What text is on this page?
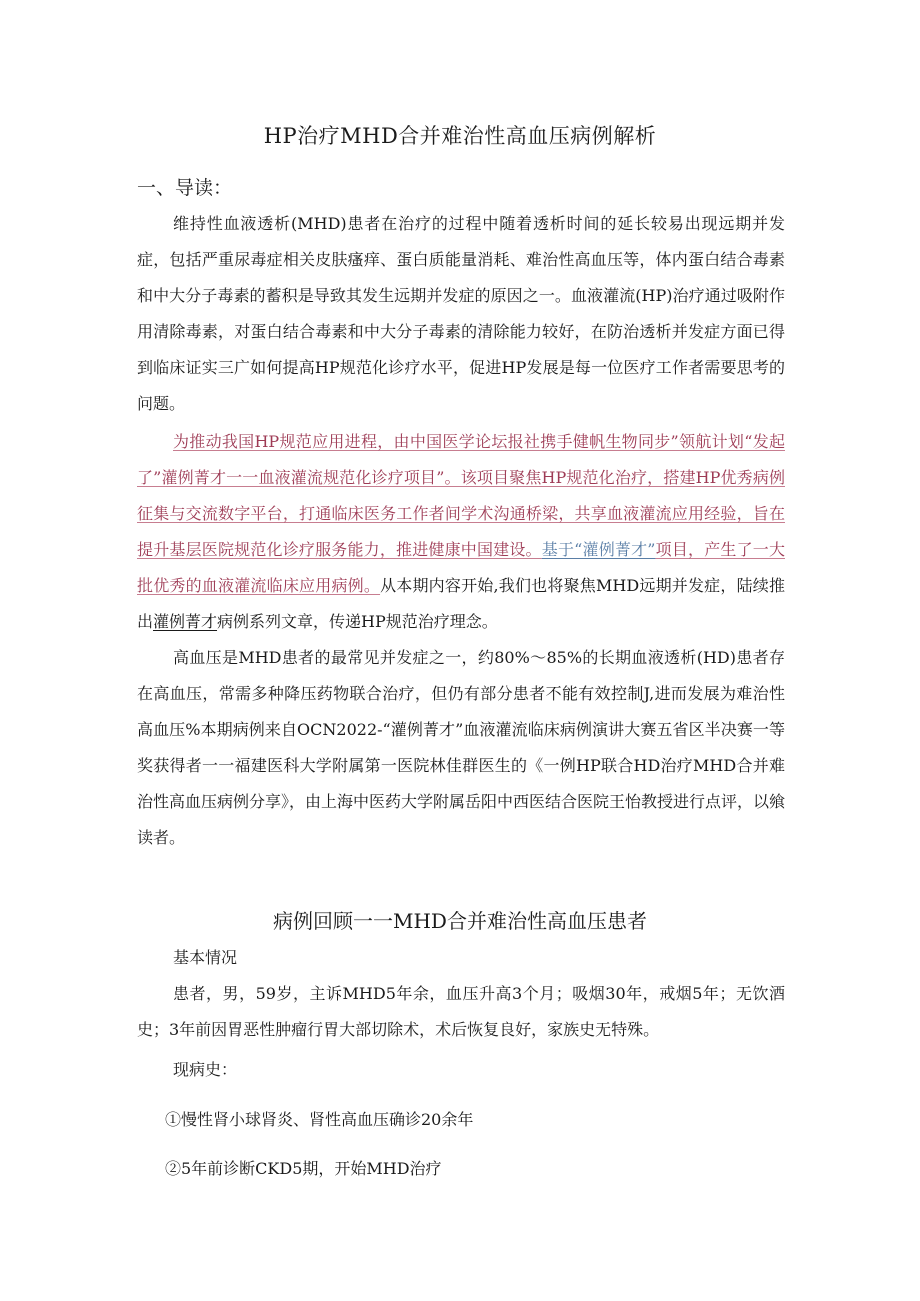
HP治疗MHD合并难治性高血压病例解析
一、导读：

维持性血液透析(MHD)患者在治疗的过程中随着透析时间的延长较易出现远期并发症，包括严重尿毒症相关皮肤瘙痒、蛋白质能量消耗、难治性高血压等，体内蛋白结合毒素和中大分子毒素的蓄积是导致其发生远期并发症的原因之一。血液灌流(HP)治疗通过吸附作用清除毒素，对蛋白结合毒素和中大分子毒素的清除能力较好，在防治透析并发症方面已得到临床证实三广如何提高HP规范化诊疗水平，促进HP发展是每一位医疗工作者需要思考的问题。

为推动我国HP规范应用进程，由中国医学论坛报社携手健帆生物同步”领航计划“发起了”灌例菁才一一血液灌流规范化诊疗项目”。该项目聚焦HP规范化治疗，搭建HP优秀病例征集与交流数字平台，打通临床医务工作者间学术沟通桥梁，共享血液灌流应用经验，旨在提升基层医院规范化诊疗服务能力，推进健康中国建设。基于“灌例菁才”项目，产生了一大批优秀的血液灌流临床应用病例。从本期内容开始,我们也将聚焦MHD远期并发症，陆续推出灌例菁才病例系列文章，传递HP规范治疗理念。

高血压是MHD患者的最常见并发症之一，约80%～85%的长期血液透析(HD)患者存在高血压，常需多种降压药物联合治疗，但仍有部分患者不能有效控制J,进而发展为难治性高血压%本期病例来自OCN2022-“灌例菁才”血液灌流临床病例演讲大赛五省区半决赛一等奖获得者一一福建医科大学附属第一医院林佳群医生的《一例HP联合HD治疗MHD合并难治性高血压病例分享》，由上海中医药大学附属岳阳中西医结合医院王怡教授进行点评，以飨读者。

病例回顾一一MHD合并难治性高血压患者
基本情况

患者，男，59岁，主诉MHD5年余，血压升高3个月；吸烟30年，戒烟5年；无饮酒史；3年前因胃恶性肿瘤行胃大部切除术，术后恢复良好，家族史无特殊。

现病史：
①慢性肾小球肾炎、肾性高血压确诊20余年
②5年前诊断CKD5期，开始MHD治疗
